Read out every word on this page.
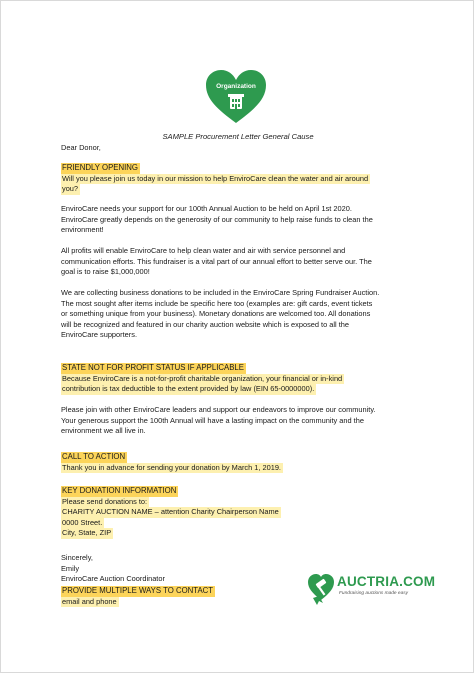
Organization
SAMPLE Procurement Letter General Cause

Dear Donor,

FRIENDLY OPENING

Will you please join us today in our mission to help EnviroCare clean the water and air around

you?

EnviroCare needs your support for our 100th Annual Auction to be held on April 1st 2020.

EnviroCare greatly depends on the generosity of our community to help raise funds to clean the

environment!

All profits will enable EnviroCare to help clean water and air with service personnel and

communication efforts. This fundraiser is a vital part of our annual effort to better serve our. The

goal is to raise $1,000,000!

We are collecting business donations to be included in the EnviroCare Spring Fundraiser Auction.

The most sought after items include be specific here too (examples are: gift cards, event tickets

or something unique from your business). Monetary donations are welcomed too. All donations

will be recognized and featured in our charity auction website which is exposed to all the

EnviroCare supporters.

STATE NOT FOR PROFIT STATUS IF APPLICABLE

Because EnviroCare is a not-for-profit charitable organization, your financial or in-kind

contribution is tax deductible to the extent provided by law (EIN 65-0000000).

Please join with other EnviroCare leaders and support our endeavors to improve our community.

Your generous support the 100th Annual will have a lasting impact on the community and the

environment we all live in.

CALL TO ACTION

Thank you in advance for sending your donation by March 1, 2019.

KEY DONATION INFORMATION

Please send donations to:

CHARITY AUCTION NAME – attention Charity Chairperson Name

0000 Street.

City, State, ZIP

Sincerely,

Emily

EnviroCare Auction Coordinator

PROVIDE MULTIPLE WAYS TO CONTACT

email and phone

AUCTRIA.COM
Fundraising auctions made easy
